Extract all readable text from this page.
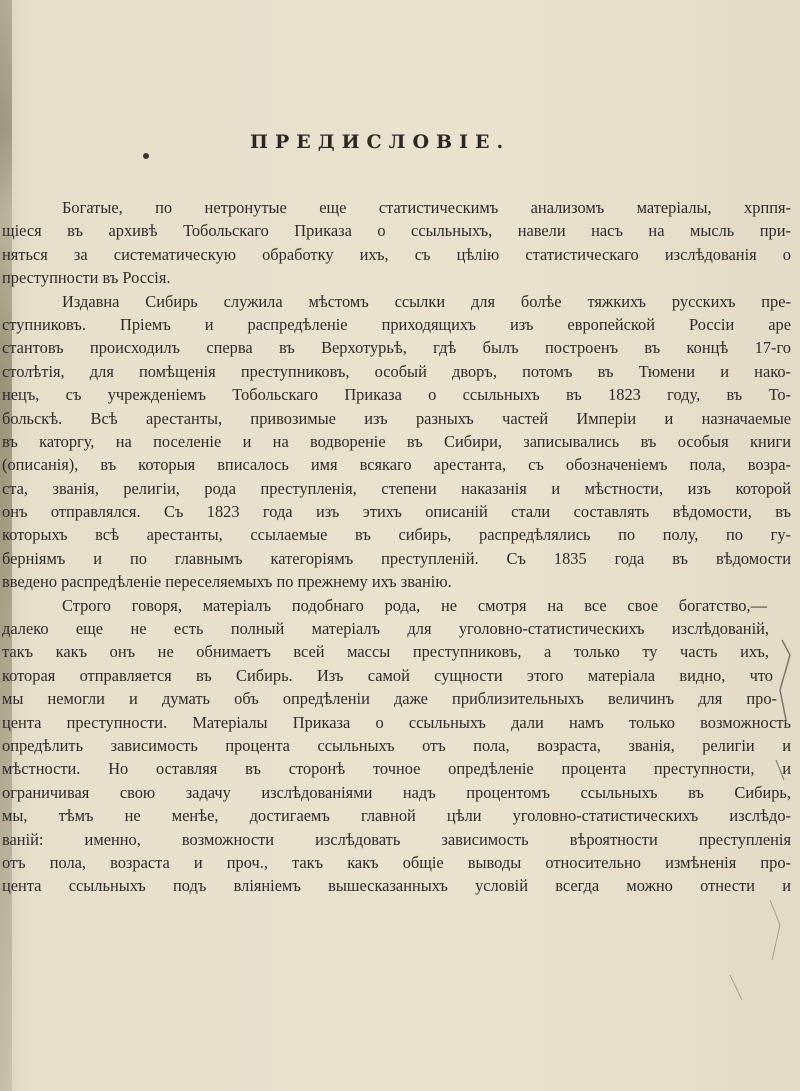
ПРЕДИСЛОВІЕ.
Богатые, по нетронутые еще статистическимъ анализомъ матеріалы, хрппя-
щіеся въ архивѣ Тобольскаго Приказа о ссыльныхъ, навели насъ на мысль при-
няться за систематическую обработку ихъ, съ цѣлію статистическаго изслѣдованія о
преступности въ Россія.
Издавна Сибирь служила мѣстомъ ссылки для болѣе тяжкихъ русскихъ пре-
ступниковъ. Пріемъ и распредѣленіе приходящихъ изъ европейской Россіи аре
стантовъ происходилъ сперва въ Верхотурьѣ, гдѣ былъ построенъ въ концѣ 17-го
столѣтія, для помѣщенія преступниковъ, особый дворъ, потомъ въ Тюмени и нако-
нецъ, съ учрежденіемъ Тобольскаго Приказа о ссыльныхъ въ 1823 году, въ То-
больскѣ. Всѣ арестанты, привозимые изъ разныхъ частей Имперіи и назначаемые
въ каторгу, на поселеніе и на водвореніе въ Сибири, записывались въ особыя книги
(описанія), въ которыя вписалось имя всякаго арестанта, съ обозначеніемъ пола, возра-
ста, званія, религіи, рода преступленія, степени наказанія и мѣстности, изъ которой
онъ отправлялся. Съ 1823 года изъ этихъ описаній стали составлять вѣдомости, въ
которыхъ всѣ арестанты, ссылаемые въ сибирь, распредѣлялись по полу, по гу-
берніямъ и по главнымъ категоріямъ преступленій. Съ 1835 года въ вѣдомости
введено распредѣленіе переселяемыхъ по прежнему ихъ званію.
Строго говоря, матеріалъ подобнаго рода, не смотря на все свое богатство,—
далеко еще не есть полный матеріалъ для уголовно-статистическихъ изслѣдованій,
такъ какъ онъ не обнимаетъ всей массы преступниковъ, а только ту часть ихъ,
которая отправляется въ Сибирь. Изъ самой сущности этого матеріала видно, что
мы немогли и думать объ опредѣленіи даже приблизительныхъ величинъ для про-
цента преступности. Матеріалы Приказа о ссыльныхъ дали намъ только возможность
опредѣлить зависимость процента ссыльныхъ отъ пола, возраста, званія, религіи и
мѣстности. Но оставляя въ сторонѣ точное опредѣленіе процента преступности, и
ограничивая свою задачу изслѣдованіями надъ процентомъ ссыльныхъ въ Сибирь,
мы, тѣмъ не менѣе, достигаемъ главной цѣли уголовно-статистическихъ изслѣдо-
ваній: именно, возможности изслѣдовать зависимость вѣроятности преступленія
отъ пола, возраста и проч., такъ какъ общіе выводы относительно измѣненія про-
цента ссыльныхъ подъ вліяніемъ вышесказанныхъ условій всегда можно отнести и
